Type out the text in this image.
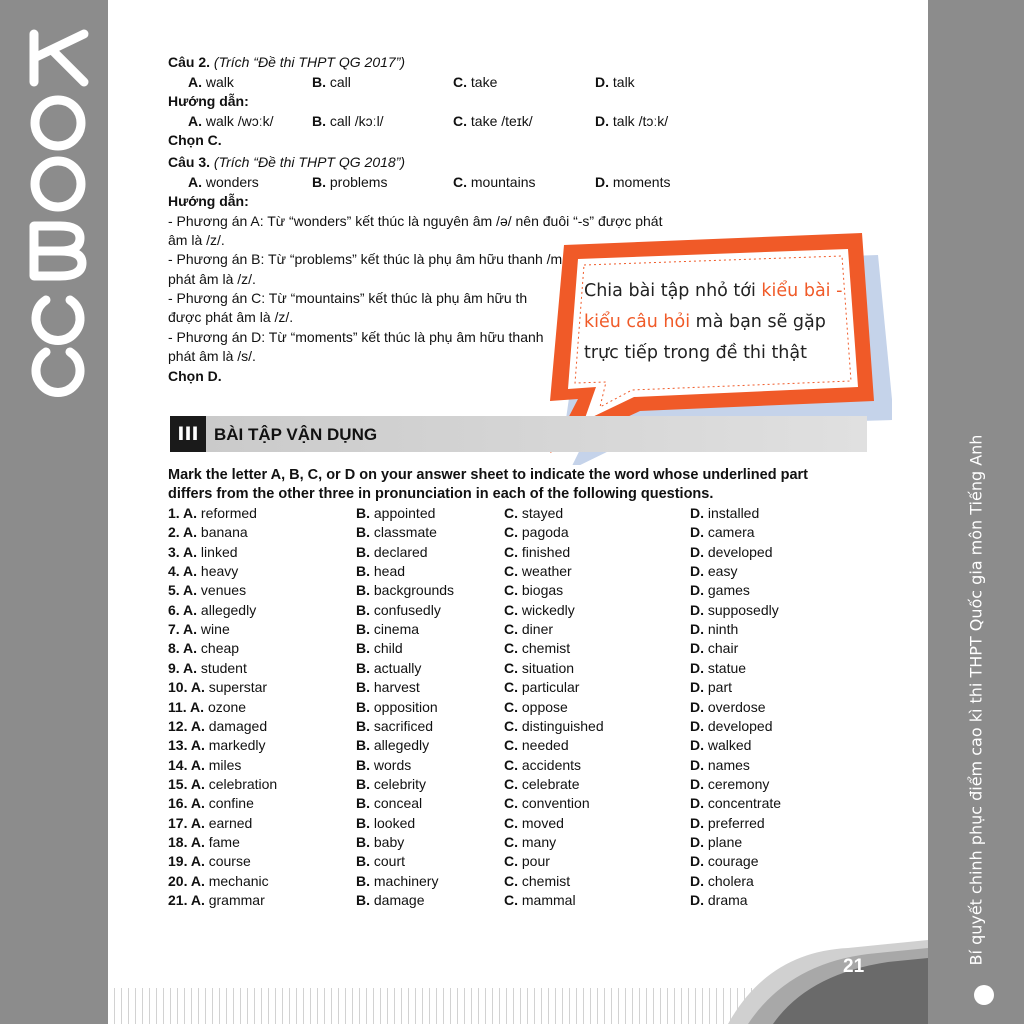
Bí quyết chinh phục điểm cao kì thi THPT Quốc gia môn Tiếng Anh
21
Câu 2. (Trích “Đề thi THPT QG 2017”)
A. walk	B. call	C. take	D. talk
Hướng dẫn:
A. walk /wɔːk/	B. call /kɔːl/	C. take /teɪk/	D. talk /tɔːk/
Chọn C.
Câu 3. (Trích “Đề thi THPT QG 2018”)
A. wonders	B. problems	C. mountains	D. moments
Hướng dẫn:
- Phương án A: Từ “wonders” kết thúc là nguyên âm /ə/ nên đuôi “-s” được phát
âm là /z/.
- Phương án B: Từ “problems” kết thúc là phụ âm hữu thanh /m
phát âm là /z/.
- Phương án C: Từ “mountains” kết thúc là phụ âm hữu th
được phát âm là /z/.
- Phương án D: Từ “moments” kết thúc là phụ âm hữu thanh
phát âm là /s/.
Chọn D.
Chia bài tập nhỏ tới kiểu bài - kiểu câu hỏi mà bạn sẽ gặp trực tiếp trong đề thi thật
III BÀI TẬP VẬN DỤNG
Mark the letter A, B, C, or D on your answer sheet to indicate the word whose underlined part
differs from the other three in pronunciation in each of the following questions.
1. A. reformed	B. appointed	C. stayed	D. installed
2. A. banana	B. classmate	C. pagoda	D. camera
3. A. linked	B. declared	C. finished	D. developed
4. A. heavy	B. head	C. weather	D. easy
5. A. venues	B. backgrounds	C. biogas	D. games
6. A. allegedly	B. confusedly	C. wickedly	D. supposedly
7. A. wine	B. cinema	C. diner	D. ninth
8. A. cheap	B. child	C. chemist	D. chair
9. A. student	B. actually	C. situation	D. statue
10. A. superstar	B. harvest	C. particular	D. part
11. A. ozone	B. opposition	C. oppose	D. overdose
12. A. damaged	B. sacrificed	C. distinguished	D. developed
13. A. markedly	B. allegedly	C. needed	D. walked
14. A. miles	B. words	C. accidents	D. names
15. A. celebration	B. celebrity	C. celebrate	D. ceremony
16. A. confine	B. conceal	C. convention	D. concentrate
17. A. earned	B. looked	C. moved	D. preferred
18. A. fame	B. baby	C. many	D. plane
19. A. course	B. court	C. pour	D. courage
20. A. mechanic	B. machinery	C. chemist	D. cholera
21. A. grammar	B. damage	C. mammal	D. drama
